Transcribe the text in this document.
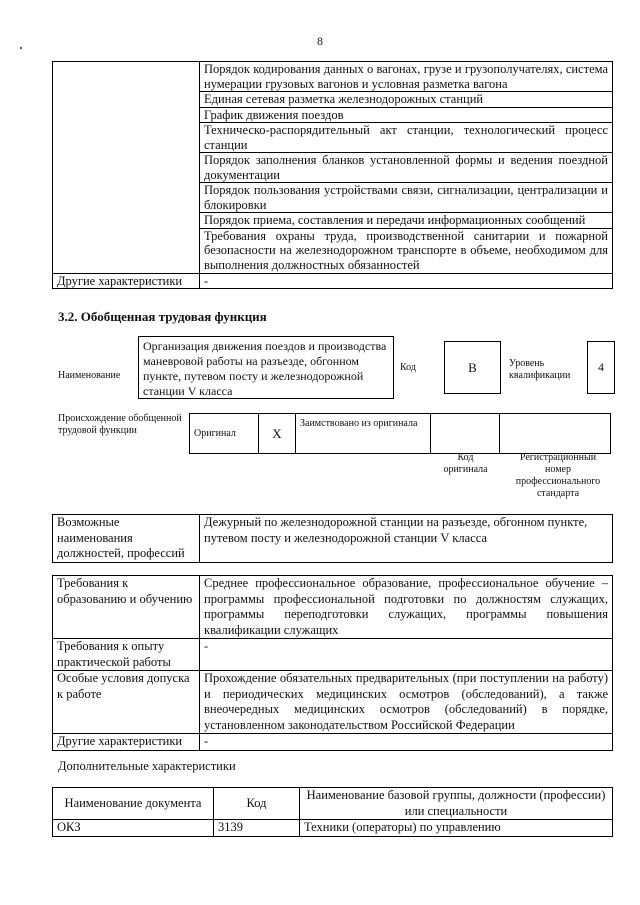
8
	Порядок кодирования данных о вагонах, грузе и грузополучателях, система нумерации грузовых вагонов и условная разметка вагона
	Единая сетевая разметка железнодорожных станций
	График движения поездов
	Техническо-распорядительный акт станции, технологический процесс станции
	Порядок заполнения бланков установленной формы и ведения поездной документации
	Порядок пользования устройствами связи, сигнализации, централизации и блокировки
	Порядок приема, составления и передачи информационных сообщений
	Требования охраны труда, производственной санитарии и пожарной безопасности на железнодорожном транспорте в объеме, необходимом для выполнения должностных обязанностей
Другие характеристики	-
3.2. Обобщенная трудовая функция
Наименование
Организация движения поездов и производства маневровой работы на разъезде, обгонном пункте, путевом посту и железнодорожной станции V класса
Код	B	Уровень квалификации
4
Происхождение обобщенной трудовой функции	Оригинал	X	Заимствовано из оригинала		
Код оригинала
Регистрационный номер профессионального стандарта
Возможные наименования должностей, профессий	Дежурный по железнодорожной станции на разъезде, обгонном пункте, путевом посту и железнодорожной станции V класса
Требования к образованию и обучению	Среднее профессиональное образование, профессиональное обучение – программы профессиональной подготовки по должностям служащих, программы переподготовки служащих, программы повышения квалификации служащих
Требования к опыту практической работы	-
Особые условия допуска к работе	Прохождение обязательных предварительных (при поступлении на работу) и периодических медицинских осмотров (обследований), а также внеочередных медицинских осмотров (обследований) в порядке, установленном законодательством Российской Федерации
Другие характеристики	-
Дополнительные характеристики
Наименование документа	Код	Наименование базовой группы, должности (профессии) или специальности
ОКЗ	3139	Техники (операторы) по управлению
